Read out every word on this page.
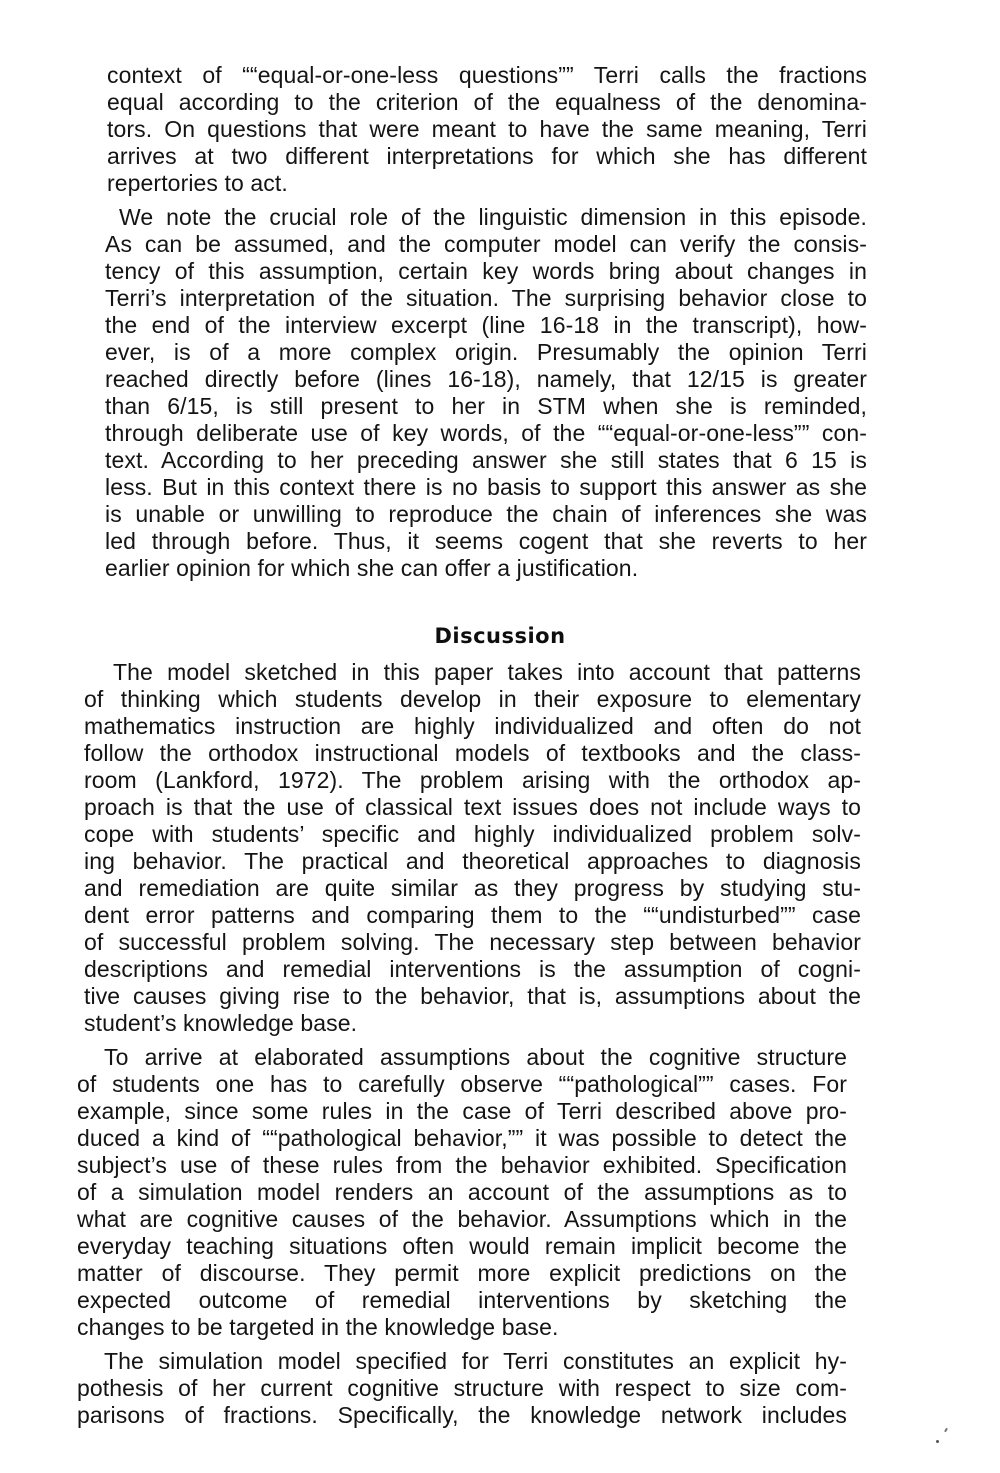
context of ““equal-or-one-less questions”” Terri calls the fractions
equal according to the criterion of the equalness of the denomina-
tors. On questions that were meant to have the same meaning, Terri
arrives at two different interpretations for which she has different
repertories to act.
We note the crucial role of the linguistic dimension in this episode.
As can be assumed, and the computer model can verify the consis-
tency of this assumption, certain key words bring about changes in
Terri’s interpretation of the situation. The surprising behavior close to
the end of the interview excerpt (line 16-18 in the transcript), how-
ever, is of a more complex origin. Presumably the opinion Terri
reached directly before (lines 16-18), namely, that 12/15 is greater
than 6/15, is still present to her in STM when she is reminded,
through deliberate use of key words, of the ““equal-or-one-less”” con-
text. According to her preceding answer she still states that 6 15 is
less. But in this context there is no basis to support this answer as she
is unable or unwilling to reproduce the chain of inferences she was
led through before. Thus, it seems cogent that she reverts to her
earlier opinion for which she can offer a justification.
Discussion
The model sketched in this paper takes into account that patterns
of thinking which students develop in their exposure to elementary
mathematics instruction are highly individualized and often do not
follow the orthodox instructional models of textbooks and the class-
room (Lankford, 1972). The problem arising with the orthodox ap-
proach is that the use of classical text issues does not include ways to
cope with students’ specific and highly individualized problem solv-
ing behavior. The practical and theoretical approaches to diagnosis
and remediation are quite similar as they progress by studying stu-
dent error patterns and comparing them to the ““undisturbed”” case
of successful problem solving. The necessary step between behavior
descriptions and remedial interventions is the assumption of cogni-
tive causes giving rise to the behavior, that is, assumptions about the
student’s knowledge base.
To arrive at elaborated assumptions about the cognitive structure
of students one has to carefully observe ““pathological”” cases. For
example, since some rules in the case of Terri described above pro-
duced a kind of ““pathological behavior,”” it was possible to detect the
subject’s use of these rules from the behavior exhibited. Specification
of a simulation model renders an account of the assumptions as to
what are cognitive causes of the behavior. Assumptions which in the
everyday teaching situations often would remain implicit become the
matter of discourse. They permit more explicit predictions on the
expected outcome of remedial interventions by sketching the
changes to be targeted in the knowledge base.
The simulation model specified for Terri constitutes an explicit hy-
pothesis of her current cognitive structure with respect to size com-
parisons of fractions. Specifically, the knowledge network includes
